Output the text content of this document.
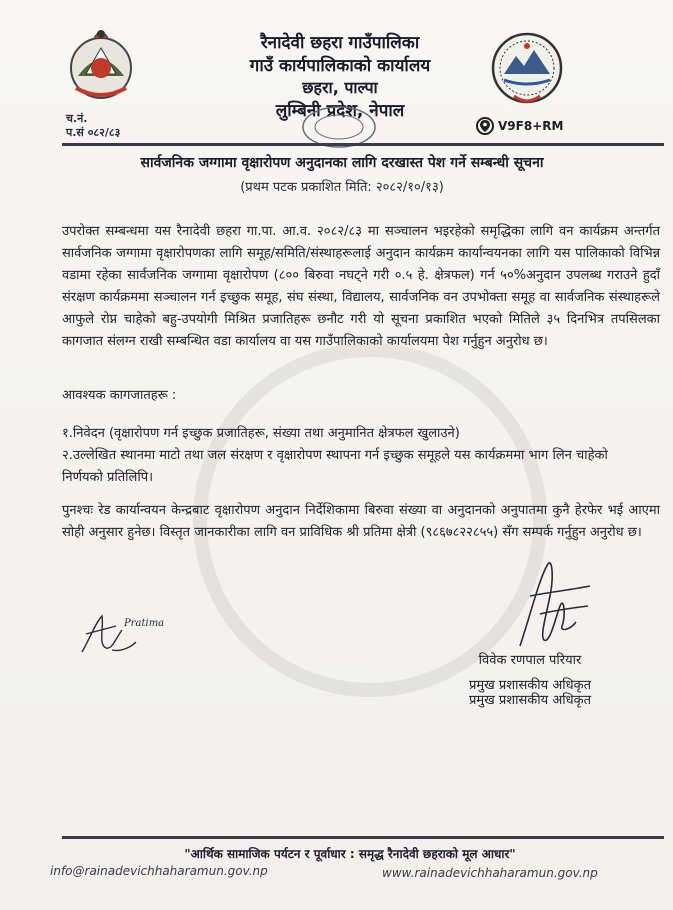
रैनादेवी छहरा गाउँपालिका
गाउँ कार्यपालिकाको कार्यालय
छहरा, पाल्पा
लुम्बिनी प्रदेश, नेपाल
च.नं.
प.सं ०८२/८३	V9F8+RM
सार्वजनिक जग्गामा वृक्षारोपण अनुदानका लागि दरखास्त पेश गर्ने सम्बन्धी सूचना
(प्रथम पटक प्रकाशित मिति: २०८२/१०/१३)
उपरोक्त सम्बन्धमा यस रैनादेवी छहरा गा.पा. आ.व. २०८२/८३ मा सञ्चालन भइरहेको समृद्धिका लागि वन कार्यक्रम अन्तर्गत सार्वजनिक जग्गामा वृक्षारोपणका लागि समूह/समिति/संस्थाहरूलाई अनुदान कार्यक्रम कार्यान्वयनका लागि यस पालिकाको विभिन्न वडामा रहेका सार्वजनिक जग्गामा वृक्षारोपण (८०० बिरुवा नघट्ने गरी ०.५ हे. क्षेत्रफल) गर्न ५०%अनुदान उपलब्ध गराउने हुदाँ संरक्षण कार्यक्रममा सञ्चालन गर्न इच्छुक समूह, संघ संस्था, विद्यालय, सार्वजनिक वन उपभोक्ता समूह वा सार्वजनिक संस्थाहरूले आफुले रोप्न चाहेको बहु-उपयोगी मिश्रित प्रजातिहरू छनौट गरी यो सूचना प्रकाशित भएको मितिले ३५ दिनभित्र तपसिलका कागजात संलग्न राखी सम्बन्धित वडा कार्यालय वा यस गाउँपालिकाको कार्यालयमा पेश गर्नुहुन अनुरोध छ।
आवश्यक कागजातहरू :
१.निवेदन (वृक्षारोपण गर्न इच्छुक प्रजातिहरू, संख्या तथा अनुमानित क्षेत्रफल खुलाउने)
२.उल्लेखित स्थानमा माटो तथा जल संरक्षण र वृक्षारोपण स्थापना गर्न इच्छुक समूहले यस कार्यक्रममा भाग लिन चाहेको निर्णयको प्रतिलिपि।
पुनश्चः रेड कार्यान्वयन केन्द्रबाट वृक्षारोपण अनुदान निर्देशिकामा बिरुवा संख्या वा अनुदानको अनुपातमा कुनै हेरफेर भई आएमा सोही अनुसार हुनेछ। विस्तृत जानकारीका लागि वन प्राविधिक श्री प्रतिमा क्षेत्री (९८६७८२२८५५) सँग सम्पर्क गर्नुहुन अनुरोध छ।
Pratima
विवेक रणपाल परियार
प्रमुख प्रशासकीय अधिकृत
प्रमुख प्रशासकीय अधिकृत
"आर्थिक सामाजिक पर्यटन र पूर्वाधार : समृद्ध रैनादेवी छहराको मूल आधार"
info@rainadevichhaharamun.gov.np	www.rainadevichhaharamun.gov.np
